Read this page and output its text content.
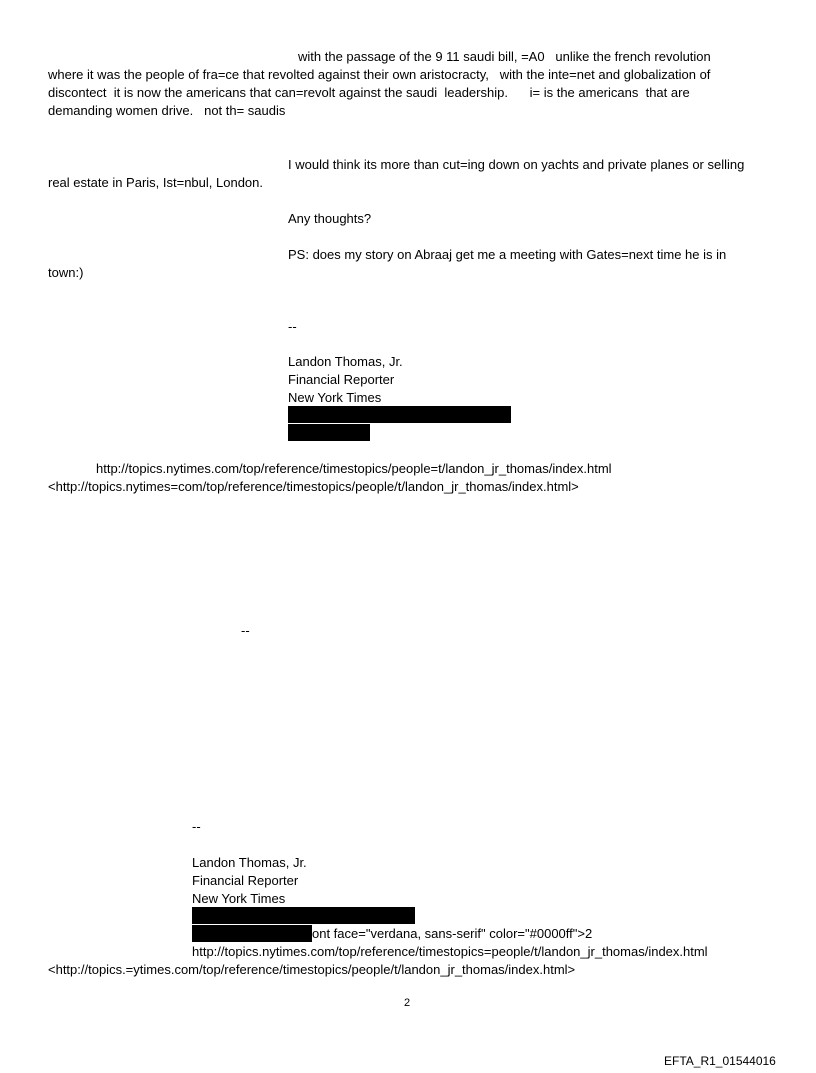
with the passage of the 9 11 saudi bill, =A0   unlike the french revolution
where it was the people of fra=ce that revolted against their own aristocracty,   with the inte=net and globalization of
discontect  it is now the americans that can=revolt against the saudi  leadership.      i= is the americans  that are
demanding women drive.   not th= saudis
I would think its more than cut=ing down on yachts and private planes or selling
real estate in Paris, Ist=nbul, London.
Any thoughts?
PS: does my story on Abraaj get me a meeting with Gates=next time he is in
town:)
--
Landon Thomas, Jr.
Financial Reporter
New York Times
http://topics.nytimes.com/top/reference/timestopics/people=t/landon_jr_thomas/index.html
<http://topics.nytimes=com/top/reference/timestopics/people/t/landon_jr_thomas/index.html>
--
--
Landon Thomas, Jr.
Financial Reporter
New York Times
ont face="verdana, sans-serif" color="#0000ff">2
http://topics.nytimes.com/top/reference/timestopics=people/t/landon_jr_thomas/index.html
<http://topics.=ytimes.com/top/reference/timestopics/people/t/landon_jr_thomas/index.html>
2
EFTA_R1_01544016
